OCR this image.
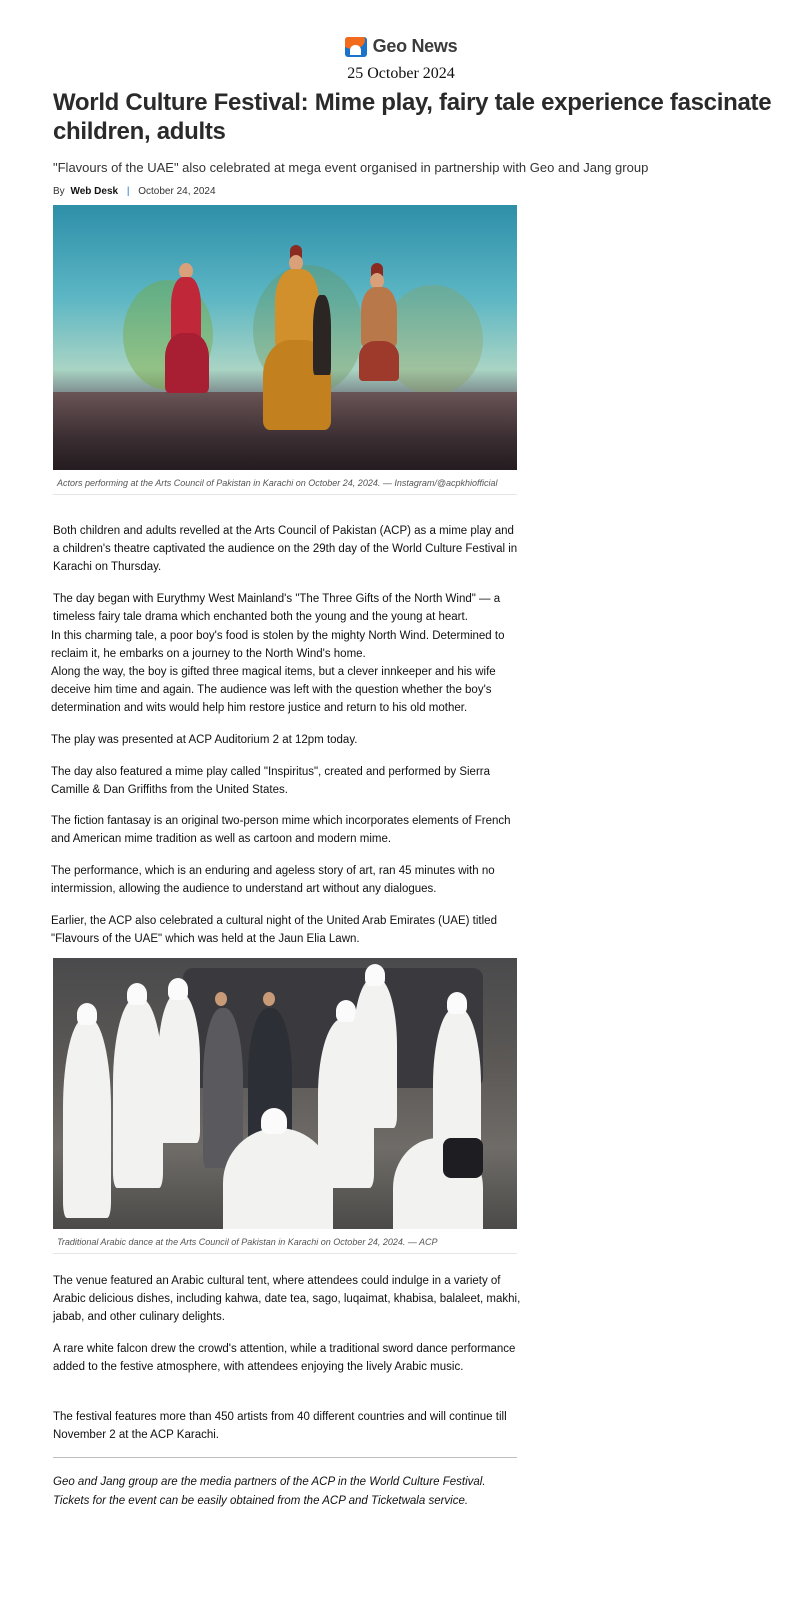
Geo News
25 October 2024
World Culture Festival: Mime play, fairy tale experience fascinate children, adults

"Flavours of the UAE" also celebrated at mega event organised in partnership with Geo and Jang group

By Web Desk | October 24, 2024
Actors performing at the Arts Council of Pakistan in Karachi on October 24, 2024. — Instagram/@acpkhiofficial
Both children and adults revelled at the Arts Council of Pakistan (ACP) as a mime play and a children's theatre captivated the audience on the 29th day of the World Culture Festival in Karachi on Thursday.
The day began with Eurythmy West Mainland's "The Three Gifts of the North Wind" — a timeless fairy tale drama which enchanted both the young and the young at heart.
In this charming tale, a poor boy's food is stolen by the mighty North Wind. Determined to reclaim it, he embarks on a journey to the North Wind's home.
Along the way, the boy is gifted three magical items, but a clever innkeeper and his wife deceive him time and again. The audience was left with the question whether the boy's determination and wits would help him restore justice and return to his old mother.
The play was presented at ACP Auditorium 2 at 12pm today.
The day also featured a mime play called "Inspiritus", created and performed by Sierra Camille & Dan Griffiths from the United States.
The fiction fantasay is an original two-person mime which incorporates elements of French and American mime tradition as well as cartoon and modern mime.
The performance, which is an enduring and ageless story of art, ran 45 minutes with no intermission, allowing the audience to understand art without any dialogues.
Earlier, the ACP also celebrated a cultural night of the United Arab Emirates (UAE) titled "Flavours of the UAE" which was held at the Jaun Elia Lawn.
Traditional Arabic dance at the Arts Council of Pakistan in Karachi on October 24, 2024. — ACP
The venue featured an Arabic cultural tent, where attendees could indulge in a variety of Arabic delicious dishes, including kahwa, date tea, sago, luqaimat, khabisa, balaleet, makhi, jabab, and other culinary delights.
A rare white falcon drew the crowd's attention, while a traditional sword dance performance added to the festive atmosphere, with attendees enjoying the lively Arabic music.
The festival features more than 450 artists from 40 different countries and will continue till November 2 at the ACP Karachi.

Geo and Jang group are the media partners of the ACP in the World Culture Festival. Tickets for the event can be easily obtained from the ACP and Ticketwala service.
